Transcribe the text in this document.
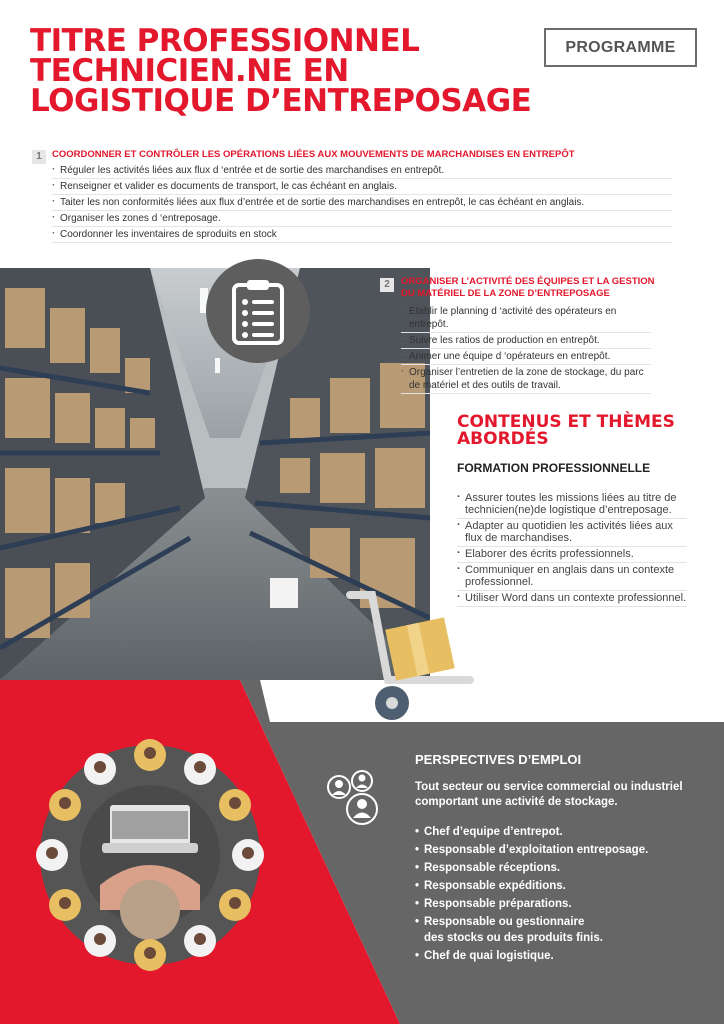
TITRE PROFESSIONNEL
TECHNICIEN.NE EN
LOGISTIQUE D’ENTREPOSAGE
PROGRAMME
1	COORDONNER ET CONTRÔLER LES OPÉRATIONS LIÉES AUX MOUVEMENTS DE MARCHANDISES EN ENTREPÔT
· Réguler les activités liées aux flux d ‘entrée et de sortie des marchandises en entrepôt.
· Renseigner et valider es documents de transport, le cas échéant en anglais.
· Taiter les non conformités liées aux flux d’entrée et de sortie des marchandises en entrepôt, le cas échéant en anglais.
· Organiser les zones d ‘entreposage.
· Coordonner les inventaires de sproduits en stock
2	ORGANISER L’ACTIVITÉ DES ÉQUIPES ET LA GESTION
DU MATÉRIEL DE LA ZONE D’ENTREPOSAGE
· Etablir le planning d ‘activité des opérateurs en entrepôt.
· Suivre les ratios de production en entrepôt.
· Animer une équipe d ‘opérateurs en entrepôt.
· Organiser l’entretien de la zone de stockage, du parc de matériel et des outils de travail.
CONTENUS ET THÈMES
ABORDÉS
FORMATION PROFESSIONNELLE
· Assurer toutes les missions liées au titre de technicien(ne)de logistique d’entreposage.
· Adapter au quotidien les activités liées aux flux de marchandises.
· Elaborer des écrits professionnels.
· Communiquer en anglais dans un contexte professionnel.
· Utiliser Word dans un contexte professionnel.
PERSPECTIVES D’EMPLOI
Tout secteur ou service commercial ou industriel comportant une activité de stockage.
• Chef d’equipe d’entrepot.
• Responsable d’exploitation entreposage.
• Responsable réceptions.
• Responsable expéditions.
• Responsable préparations.
• Responsable ou gestionnaire
des stocks ou des produits finis.
• Chef de quai logistique.
